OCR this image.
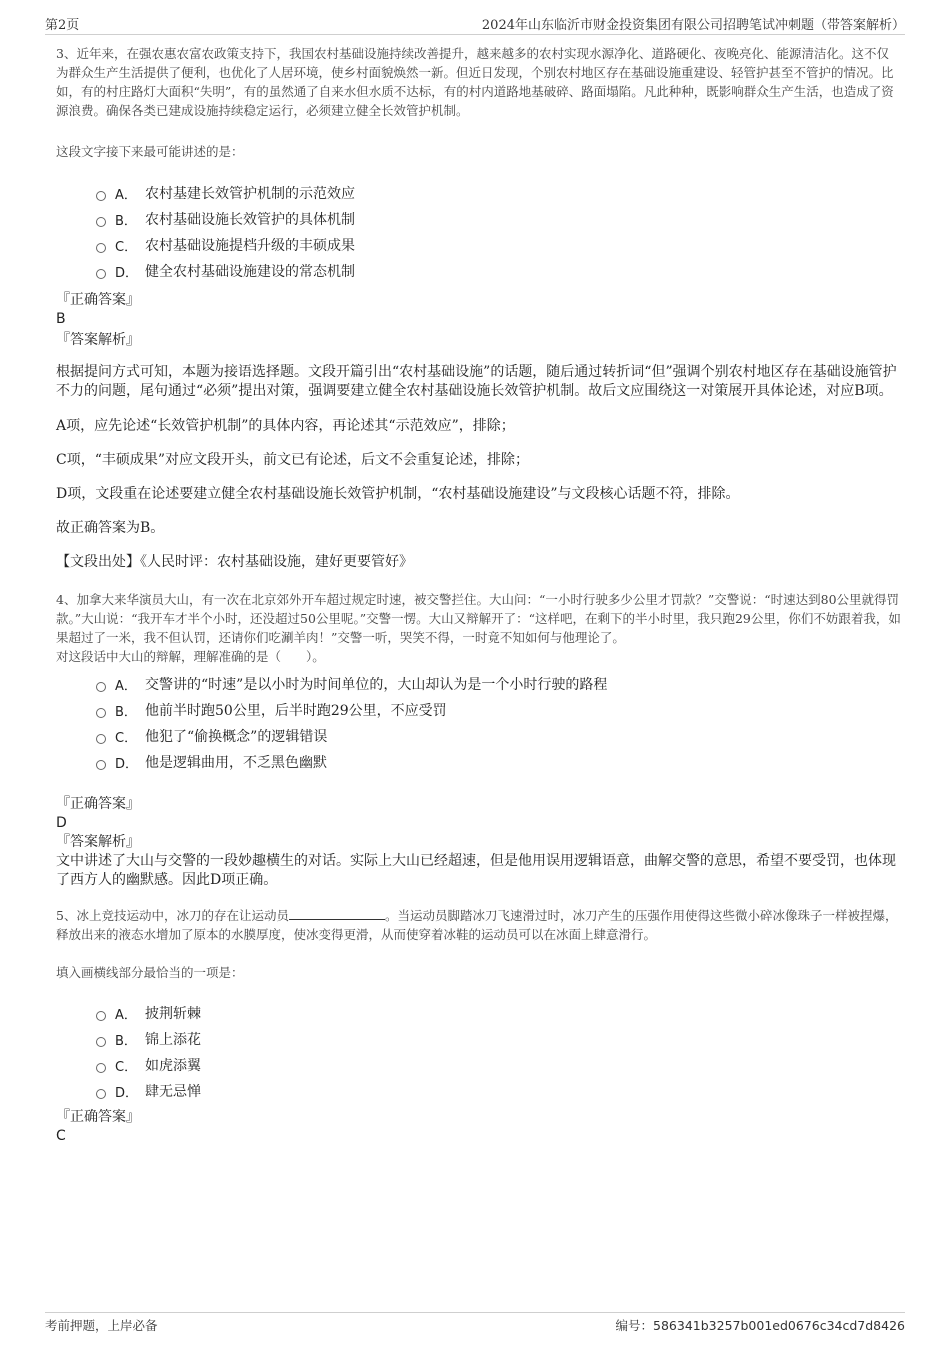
第2页	2024年山东临沂市财金投资集团有限公司招聘笔试冲刺题（带答案解析）

3、近年来，在强农惠农富农政策支持下，我国农村基础设施持续改善提升，越来越多的农村实现水源净化、道路硬化、夜晚亮化、能源清洁化。这不仅为群众生产生活提供了便利，也优化了人居环境，使乡村面貌焕然一新。但近日发现，个别农村地区存在基础设施重建设、轻管护甚至不管护的情况。比如，有的村庄路灯大面积“失明”，有的虽然通了自来水但水质不达标，有的村内道路地基破碎、路面塌陷。凡此种种，既影响群众生产生活，也造成了资源浪费。确保各类已建成设施持续稳定运行，必须建立健全长效管护机制。

这段文字接下来最可能讲述的是：

A． 农村基建长效管护机制的示范效应
B． 农村基础设施长效管护的具体机制
C． 农村基础设施提档升级的丰硕成果
D． 健全农村基础设施建设的常态机制

『正确答案』

B

『答案解析』

根据提问方式可知，本题为接语选择题。文段开篇引出“农村基础设施”的话题，随后通过转折词“但”强调个别农村地区存在基础设施管护不力的问题，尾句通过“必须”提出对策，强调要建立健全农村基础设施长效管护机制。故后文应围绕这一对策展开具体论述，对应B项。

A项，应先论述“长效管护机制”的具体内容，再论述其“示范效应”，排除；

C项，“丰硕成果”对应文段开头，前文已有论述，后文不会重复论述，排除；

D项，文段重在论述要建立健全农村基础设施长效管护机制，“农村基础设施建设”与文段核心话题不符，排除。

故正确答案为B。

【文段出处】《人民时评：农村基础设施，建好更要管好》

4、加拿大来华演员大山，有一次在北京郊外开车超过规定时速，被交警拦住。大山问：“一小时行驶多少公里才罚款？”交警说：“时速达到80公里就得罚款。”大山说：“我开车才半个小时，还没超过50公里呢。”交警一愣。大山又辩解开了：“这样吧，在剩下的半小时里，我只跑29公里，你们不妨跟着我，如果超过了一米，我不但认罚，还请你们吃涮羊肉！”交警一听，哭笑不得，一时竟不知如何与他理论了。

对这段话中大山的辩解，理解准确的是（　　）。

A． 交警讲的“时速”是以小时为时间单位的，大山却认为是一个小时行驶的路程
B． 他前半时跑50公里，后半时跑29公里，不应受罚
C． 他犯了“偷换概念”的逻辑错误
D． 他是逻辑曲用，不乏黑色幽默

『正确答案』

D

『答案解析』

文中讲述了大山与交警的一段妙趣横生的对话。实际上大山已经超速，但是他用误用逻辑语意，曲解交警的意思，希望不要受罚，也体现了西方人的幽默感。因此D项正确。

5、冰上竞技运动中，冰刀的存在让运动员	。当运动员脚踏冰刀飞速滑过时，冰刀产生的压强作用使得这些微小碎冰像珠子一样被捏爆，释放出来的液态水增加了原本的水膜厚度，使冰变得更滑，从而使穿着冰鞋的运动员可以在冰面上肆意滑行。

填入画横线部分最恰当的一项是：

A． 披荆斩棘
B． 锦上添花
C． 如虎添翼
D． 肆无忌惮

『正确答案』

C

考前押题，上岸必备	编号：586341b3257b001ed0676c34cd7d8426
